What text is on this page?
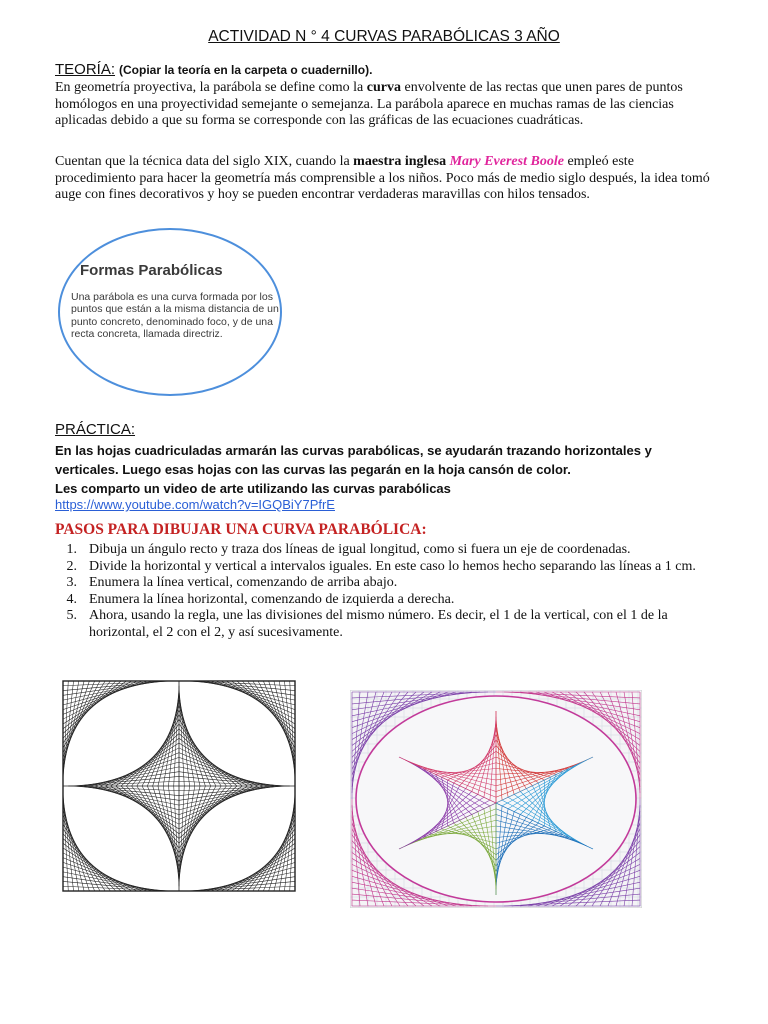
ACTIVIDAD N ° 4 CURVAS PARABÓLICAS 3 AÑO
TEORÍA: (Copiar la teoría en la carpeta o cuadernillo).
En geometría proyectiva, la parábola se define como la curva envolvente de las rectas que unen pares de puntos homólogos en una proyectividad semejante o semejanza. La parábola aparece en muchas ramas de las ciencias aplicadas debido a que su forma se corresponde con las gráficas de las ecuaciones cuadráticas.
Cuentan que la técnica data del siglo XIX, cuando la maestra inglesa Mary Everest Boole empleó este procedimiento para hacer la geometría más comprensible a los niños. Poco más de medio siglo después, la idea tomó auge con fines decorativos y hoy se pueden encontrar verdaderas maravillas con hilos tensados.
Formas Parabólicas
Una parábola es una curva formada por los puntos que están a la misma distancia de un punto concreto, denominado foco, y de una recta concreta, llamada directriz.
PRÁCTICA:
En las hojas cuadriculadas armarán las curvas parabólicas, se ayudarán trazando horizontales y verticales. Luego esas hojas con las curvas las pegarán en la hoja cansón de color.
Les comparto un video de arte utilizando las curvas parabólicas
https://www.youtube.com/watch?v=IGQBiY7PfrE
PASOS PARA DIBUJAR UNA CURVA PARABÓLICA:
1. Dibuja un ángulo recto y traza dos líneas de igual longitud, como si fuera un eje de coordenadas.
2. Divide la horizontal y vertical a intervalos iguales. En este caso lo hemos hecho separando las líneas a 1 cm.
3. Enumera la línea vertical, comenzando de arriba abajo.
4. Enumera la línea horizontal, comenzando de izquierda a derecha.
5. Ahora, usando la regla, une las divisiones del mismo número. Es decir, el 1 de la vertical, con el 1 de la horizontal, el 2 con el 2, y así sucesivamente.
